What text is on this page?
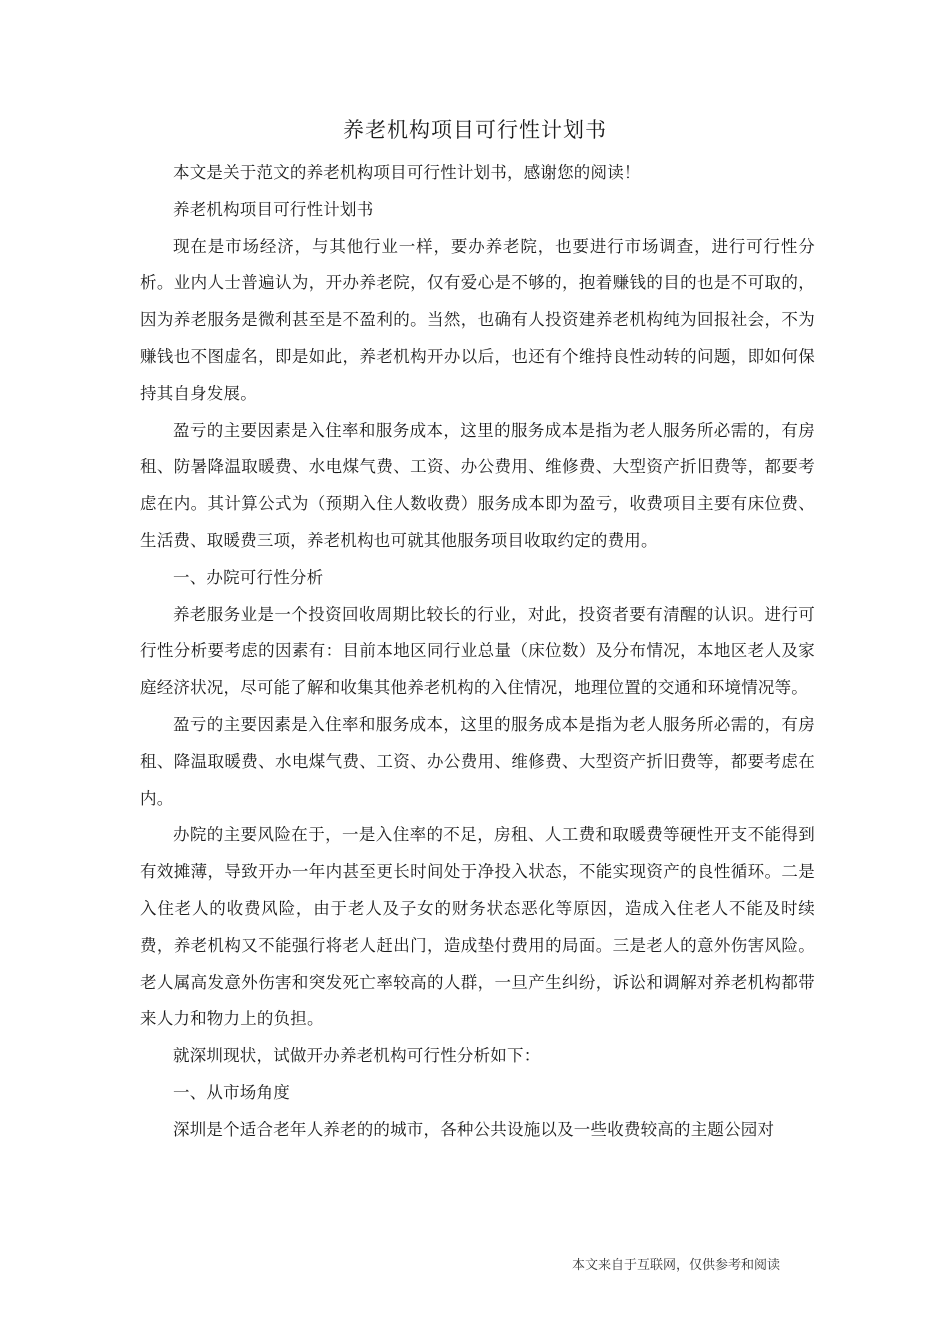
养老机构项目可行性计划书

本文是关于范文的养老机构项目可行性计划书，感谢您的阅读！

养老机构项目可行性计划书

现在是市场经济，与其他行业一样，要办养老院，也要进行市场调查，进行可行性分析。业内人士普遍认为，开办养老院，仅有爱心是不够的，抱着赚钱的目的也是不可取的，因为养老服务是微利甚至是不盈利的。当然，也确有人投资建养老机构纯为回报社会，不为赚钱也不图虚名，即是如此，养老机构开办以后，也还有个维持良性动转的问题，即如何保持其自身发展。

盈亏的主要因素是入住率和服务成本，这里的服务成本是指为老人服务所必需的，有房租、防暑降温取暖费、水电煤气费、工资、办公费用、维修费、大型资产折旧费等，都要考虑在内。其计算公式为（预期入住人数收费）服务成本即为盈亏，收费项目主要有床位费、生活费、取暖费三项，养老机构也可就其他服务项目收取约定的费用。

一、办院可行性分析

养老服务业是一个投资回收周期比较长的行业，对此，投资者要有清醒的认识。进行可行性分析要考虑的因素有：目前本地区同行业总量（床位数）及分布情况，本地区老人及家庭经济状况，尽可能了解和收集其他养老机构的入住情况，地理位置的交通和环境情况等。

盈亏的主要因素是入住率和服务成本，这里的服务成本是指为老人服务所必需的，有房租、降温取暖费、水电煤气费、工资、办公费用、维修费、大型资产折旧费等，都要考虑在内。

办院的主要风险在于，一是入住率的不足，房租、人工费和取暖费等硬性开支不能得到有效摊薄，导致开办一年内甚至更长时间处于净投入状态，不能实现资产的良性循环。二是入住老人的收费风险，由于老人及子女的财务状态恶化等原因，造成入住老人不能及时续费，养老机构又不能强行将老人赶出门，造成垫付费用的局面。三是老人的意外伤害风险。老人属高发意外伤害和突发死亡率较高的人群，一旦产生纠纷，诉讼和调解对养老机构都带来人力和物力上的负担。

就深圳现状，试做开办养老机构可行性分析如下：

一、从市场角度

深圳是个适合老年人养老的的城市，各种公共设施以及一些收费较高的主题公园对

本文来自于互联网，仅供参考和阅读
